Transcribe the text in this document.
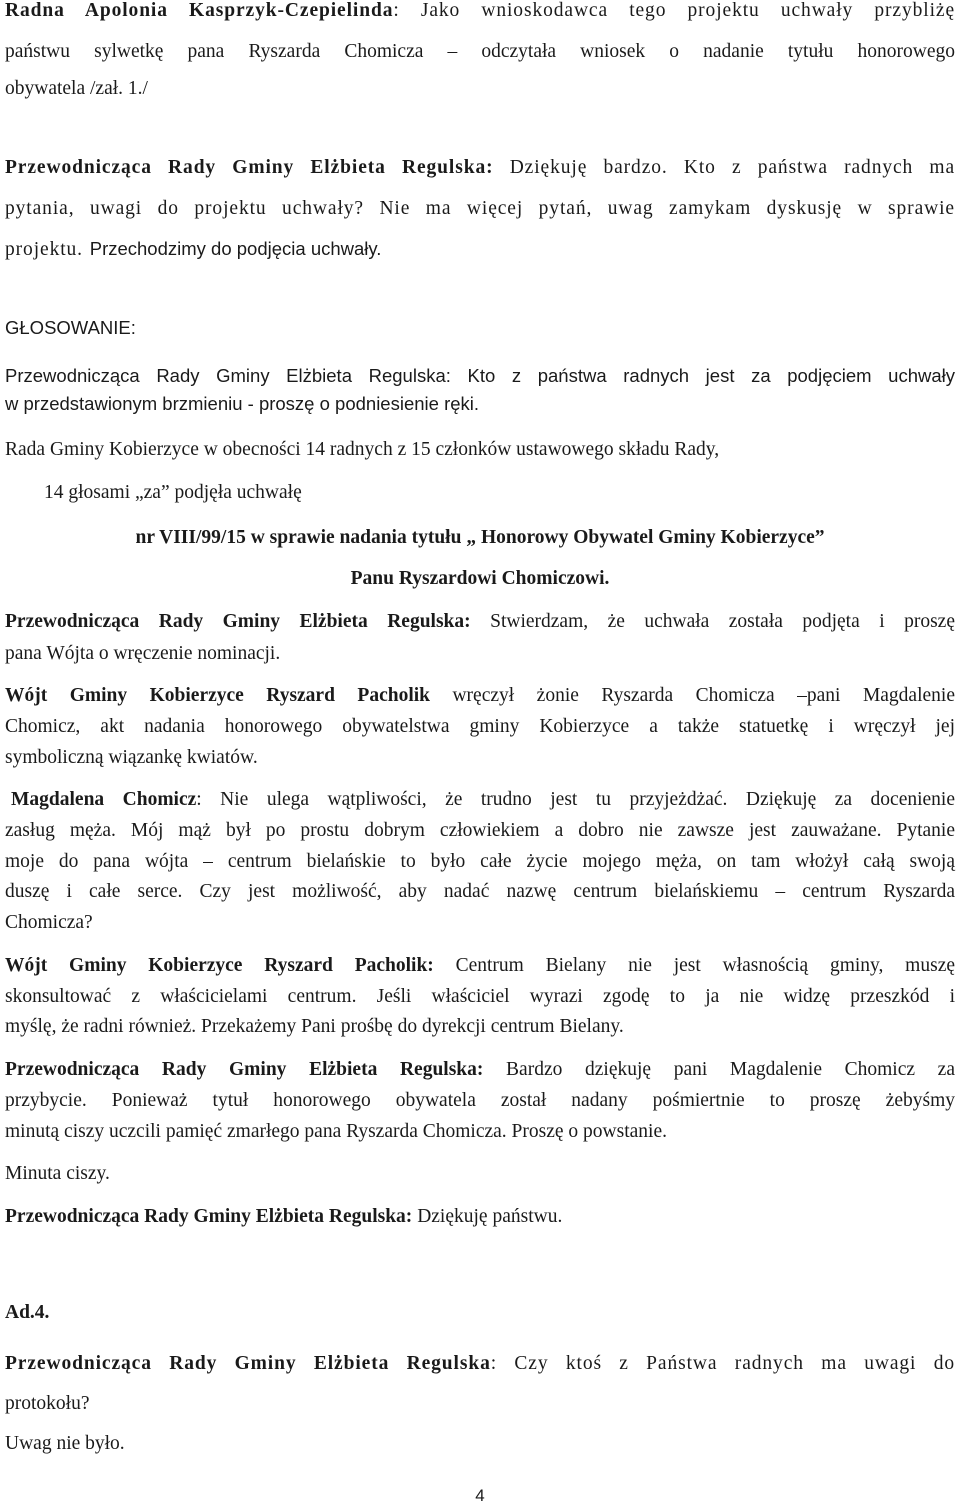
Radna Apolonia Kasprzyk-Czepielinda: Jako wnioskodawca tego projektu uchwały przybliżę
państwu sylwetkę pana Ryszarda Chomicza – odczytała wniosek o nadanie tytułu honorowego
obywatela /zał. 1./
Przewodnicząca Rady Gminy Elżbieta Regulska: Dziękuję bardzo. Kto z państwa radnych ma
pytania, uwagi do projektu uchwały? Nie ma więcej pytań, uwag zamykam dyskusję w sprawie
projektu. Przechodzimy do podjęcia uchwały.
GŁOSOWANIE:
Przewodnicząca Rady Gminy Elżbieta Regulska: Kto z państwa radnych jest za podjęciem uchwały
w przedstawionym brzmieniu - proszę o podniesienie ręki.
Rada Gminy Kobierzyce w obecności 14 radnych z 15 członków ustawowego składu Rady,
14 głosami „za” podjęła uchwałę
nr VIII/99/15 w sprawie nadania tytułu „ Honorowy Obywatel Gminy Kobierzyce”
Panu Ryszardowi Chomiczowi.
Przewodnicząca Rady Gminy Elżbieta Regulska: Stwierdzam, że uchwała została podjęta i proszę
pana Wójta o wręczenie nominacji.
Wójt Gminy Kobierzyce Ryszard Pacholik wręczył żonie Ryszarda Chomicza –pani Magdalenie
Chomicz, akt nadania honorowego obywatelstwa gminy Kobierzyce a także statuetkę i wręczył jej
symboliczną wiązankę kwiatów.
Magdalena Chomicz: Nie ulega wątpliwości, że trudno jest tu przyjeżdżać. Dziękuję za docenienie
zasług męża. Mój mąż był po prostu dobrym człowiekiem a dobro nie zawsze jest zauważane. Pytanie
moje do pana wójta – centrum bielańskie to było całe życie mojego męża, on tam włożył całą swoją
duszę i całe serce. Czy jest możliwość, aby nadać nazwę centrum bielańskiemu – centrum Ryszarda
Chomicza?
Wójt Gminy Kobierzyce Ryszard Pacholik: Centrum Bielany nie jest własnością gminy, muszę
skonsultować z właścicielami centrum. Jeśli właściciel wyrazi zgodę to ja nie widzę przeszkód i
myślę, że radni również. Przekażemy Pani prośbę do dyrekcji centrum Bielany.
Przewodnicząca Rady Gminy Elżbieta Regulska: Bardzo dziękuję pani Magdalenie Chomicz za
przybycie. Ponieważ tytuł honorowego obywatela został nadany pośmiertnie to proszę żebyśmy
minutą ciszy uczcili pamięć zmarłego pana Ryszarda Chomicza. Proszę o powstanie.
Minuta ciszy.
Przewodnicząca Rady Gminy Elżbieta Regulska: Dziękuję państwu.
Ad.4.
Przewodnicząca Rady Gminy Elżbieta Regulska: Czy ktoś z Państwa radnych ma uwagi do
protokołu?
Uwag nie było.
4
